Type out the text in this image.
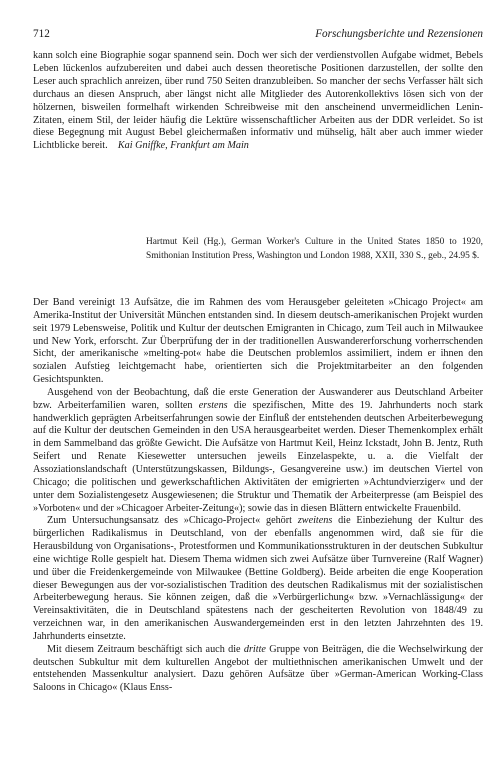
712	Forschungsberichte und Rezensionen

kann solch eine Biographie sogar spannend sein. Doch wer sich der verdienstvollen Aufgabe widmet, Bebels Leben lückenlos aufzubereiten und dabei auch dessen theoretische Positionen darzustellen, der sollte den Leser auch sprachlich anreizen, über rund 750 Seiten dranzubleiben. So mancher der sechs Verfasser hält sich durchaus an diesen Anspruch, aber längst nicht alle Mitglieder des Autorenkollektivs lösen sich von der hölzernen, bisweilen formelhaft wirkenden Schreibweise mit den anscheinend unvermeidlichen Lenin-Zitaten, einem Stil, der leider häufig die Lektüre wissenschaftlicher Arbeiten aus der DDR verleidet. So ist diese Begegnung mit August Bebel gleichermaßen informativ und mühselig, hält aber auch immer wieder Lichtblicke bereit.  Kai Gniffke, Frankfurt am Main

Hartmut Keil (Hg.), German Worker's Culture in the United States 1850 to 1920, Smithonian Institution Press, Washington und London 1988, XXII, 330 S., geb., 24.95 $.

Der Band vereinigt 13 Aufsätze, die im Rahmen des vom Herausgeber geleiteten »Chicago Project« am Amerika-Institut der Universität München entstanden sind. In diesem deutsch-amerikanischen Projekt wurden seit 1979 Lebensweise, Politik und Kultur der deutschen Emigranten in Chicago, zum Teil auch in Milwaukee und New York, erforscht. Zur Überprüfung der in der traditionellen Auswandererforschung vorherrschenden Sicht, der amerikanische »melting-pot« habe die Deutschen problemlos assimiliert, indem er ihnen den sozialen Aufstieg leichtgemacht habe, orientierten sich die Projektmitarbeiter an den folgenden Gesichtspunkten.

Ausgehend von der Beobachtung, daß die erste Generation der Auswanderer aus Deutschland Arbeiter bzw. Arbeiterfamilien waren, sollten erstens die spezifischen, Mitte des 19. Jahrhunderts noch stark handwerklich geprägten Arbeitserfahrungen sowie der Einfluß der entstehenden deutschen Arbeiterbewegung auf die Kultur der deutschen Gemeinden in den USA herausgearbeitet werden. Dieser Themenkomplex erhält in dem Sammelband das größte Gewicht. Die Aufsätze von Hartmut Keil, Heinz Ickstadt, John B. Jentz, Ruth Seifert und Renate Kiesewetter untersuchen jeweils Einzelaspekte, u. a. die Vielfalt der Assoziationslandschaft (Unterstützungskassen, Bildungs-, Gesangvereine usw.) im deutschen Viertel von Chicago; die politischen und gewerkschaftlichen Aktivitäten der emigrierten »Achtundvierziger« und der unter dem Sozialistengesetz Ausgewiesenen; die Struktur und Thematik der Arbeiterpresse (am Beispiel des »Vorboten« und der »Chicagoer Arbeiter-Zeitung«); sowie das in diesen Blättern entwickelte Frauenbild.

Zum Untersuchungsansatz des »Chicago-Project« gehört zweitens die Einbeziehung der Kultur des bürgerlichen Radikalismus in Deutschland, von der ebenfalls angenommen wird, daß sie für die Herausbildung von Organisations-, Protestformen und Kommunikationsstrukturen in der deutschen Subkultur eine wichtige Rolle gespielt hat. Diesem Thema widmen sich zwei Aufsätze über Turnvereine (Ralf Wagner) und über die Freidenkergemeinde von Milwaukee (Bettine Goldberg). Beide arbeiten die enge Kooperation dieser Bewegungen aus der vor-sozialistischen Tradition des deutschen Radikalismus mit der sozialistischen Arbeiterbewegung heraus. Sie können zeigen, daß die »Verbürgerlichung« bzw. »Vernachlässigung« der Vereinsaktivitäten, die in Deutschland spätestens nach der gescheiterten Revolution von 1848/49 zu verzeichnen war, in den amerikanischen Auswandergemeinden erst in den letzten Jahrzehnten des 19. Jahrhunderts einsetzte.

Mit diesem Zeitraum beschäftigt sich auch die dritte Gruppe von Beiträgen, die die Wechselwirkung der deutschen Subkultur mit dem kulturellen Angebot der multiethnischen amerikanischen Umwelt und der entstehenden Massenkultur analysiert. Dazu gehören Aufsätze über »German-American Working-Class Saloons in Chicago« (Klaus Enss-
